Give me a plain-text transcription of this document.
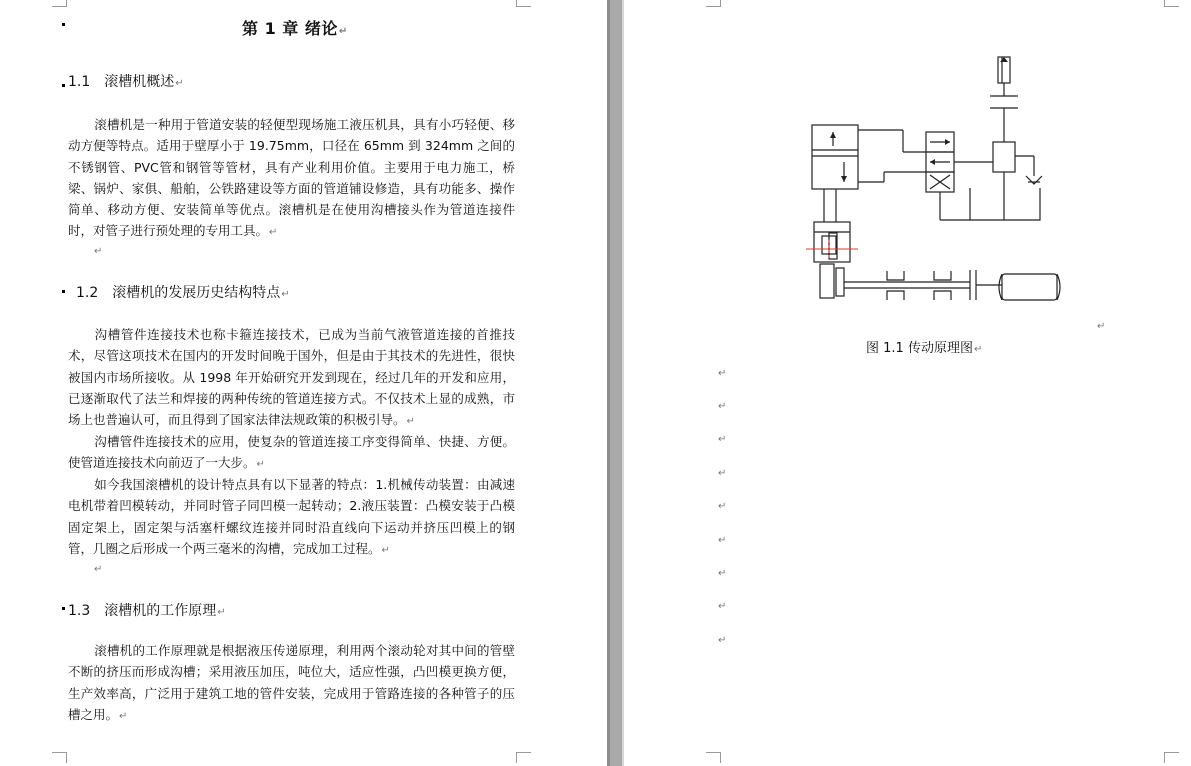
第 1 章 绪论↵
1.1 滚槽机概述↵
滚槽机是一种用于管道安装的轻便型现场施工液压机具，具有小巧轻便、移动方便等特点。适用于壁厚小于 19.75mm，口径在 65mm 到 324mm 之间的不锈钢管、PVC管和钢管等管材，具有产业利用价值。主要用于电力施工，桥梁、锅炉、家俱、船舶，公铁路建设等方面的管道铺设修造，具有功能多、操作简单、移动方便、安装简单等优点。滚槽机是在使用沟槽接头作为管道连接件时，对管子进行预处理的专用工具。↵
↵
1.2 滚槽机的发展历史结构特点↵
沟槽管件连接技术也称卡箍连接技术，已成为当前气液管道连接的首推技术，尽管这项技术在国内的开发时间晚于国外，但是由于其技术的先进性，很快被国内市场所接收。从 1998 年开始研究开发到现在，经过几年的开发和应用，已逐渐取代了法兰和焊接的两种传统的管道连接方式。不仅技术上显的成熟，市场上也普遍认可，而且得到了国家法律法规政策的积极引导。↵
沟槽管件连接技术的应用，使复杂的管道连接工序变得简单、快捷、方便。使管道连接技术向前迈了一大步。↵
如今我国滚槽机的设计特点具有以下显著的特点：1.机械传动装置：由减速电机带着凹模转动，并同时管子同凹模一起转动；2.液压装置：凸模安装于凸模固定架上，固定架与活塞杆螺纹连接并同时沿直线向下运动并挤压凹模上的钢管，几圈之后形成一个两三毫米的沟槽，完成加工过程。↵
↵
1.3 滚槽机的工作原理↵
滚槽机的工作原理就是根据液压传递原理，利用两个滚动轮对其中间的管壁不断的挤压而形成沟槽；采用液压加压，吨位大，适应性强，凸凹模更换方便，生产效率高，广泛用于建筑工地的管件安装，完成用于管路连接的各种管子的压槽之用。↵
↵
图 1.1 传动原理图↵
↵
↵
↵
↵
↵
↵
↵
↵
↵
